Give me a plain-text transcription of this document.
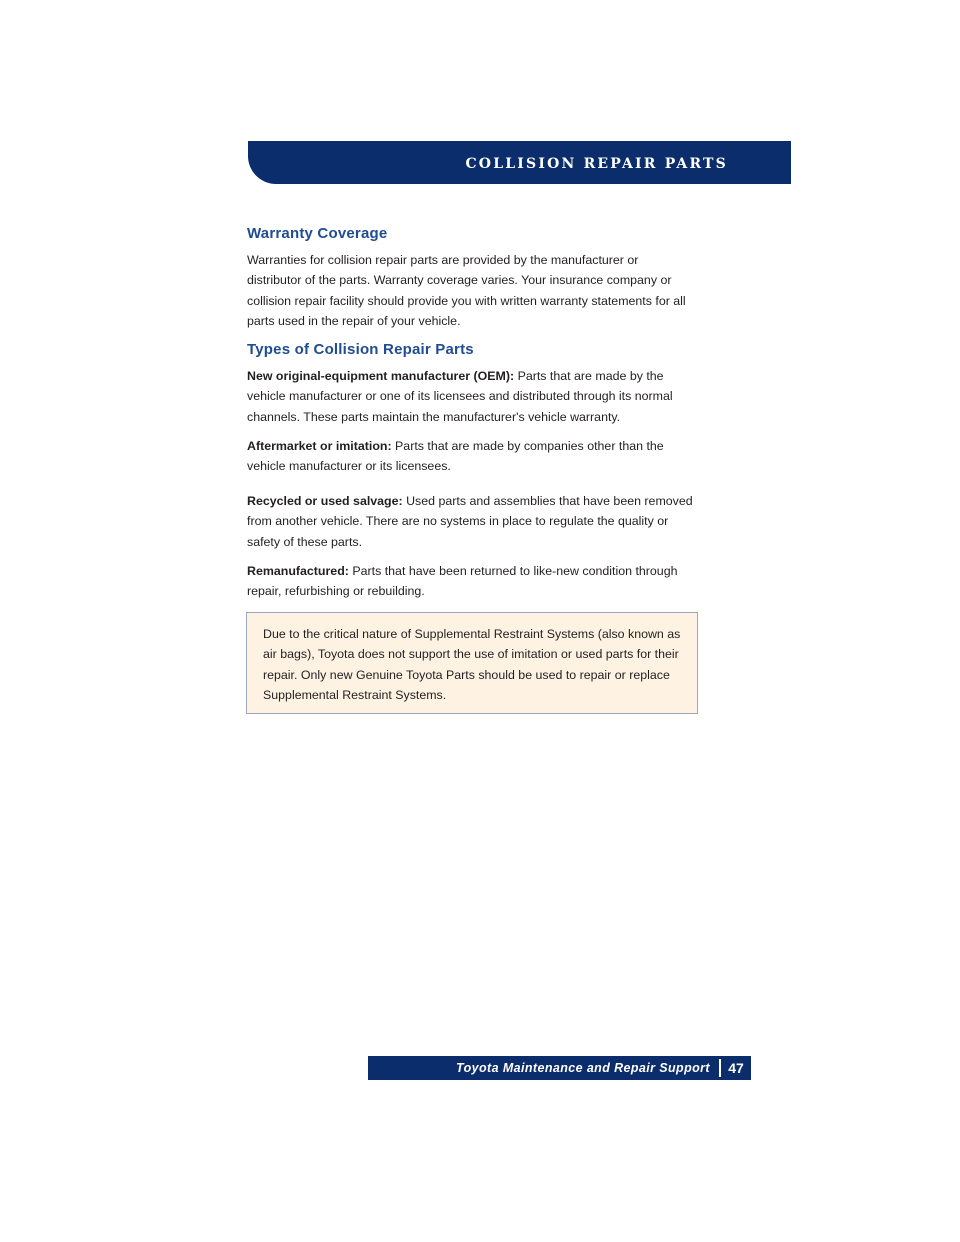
COLLISION REPAIR PARTS
Warranty Coverage

Warranties for collision repair parts are provided by the manufacturer or distributor of the parts. Warranty coverage varies. Your insurance company or collision repair facility should provide you with written warranty statements for all parts used in the repair of your vehicle.

Types of Collision Repair Parts

New original-equipment manufacturer (OEM): Parts that are made by the vehicle manufacturer or one of its licensees and distributed through its normal channels. These parts maintain the manufacturer's vehicle warranty.

Aftermarket or imitation: Parts that are made by companies other than the vehicle manufacturer or its licensees.

Recycled or used salvage: Used parts and assemblies that have been removed from another vehicle. There are no systems in place to regulate the quality or safety of these parts.

Remanufactured: Parts that have been returned to like-new condition through repair, refurbishing or rebuilding.

Due to the critical nature of Supplemental Restraint Systems (also known as air bags), Toyota does not support the use of imitation or used parts for their repair. Only new Genuine Toyota Parts should be used to repair or replace Supplemental Restraint Systems.

Toyota Maintenance and Repair Support	47
